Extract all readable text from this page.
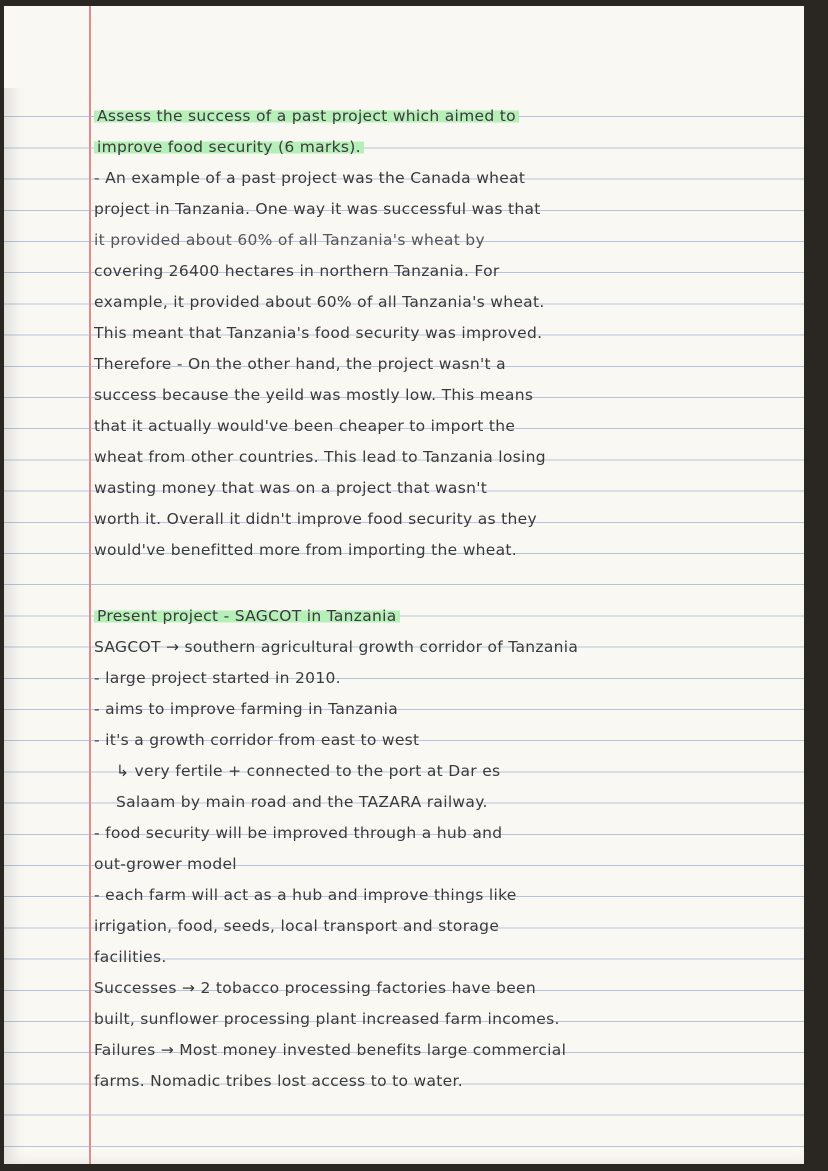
Assess the success of a past project which aimed to
improve food security (6 marks).
- An example of a past project was the Canada wheat
project in Tanzania. One way it was successful was that
it provided about 60% of all Tanzania's wheat by
covering 26400 hectares in northern Tanzania. For
example, it provided about 60% of all Tanzania's wheat.
This meant that Tanzania's food security was improved.
Therefore - On the other hand, the project wasn't a
success because the yeild was mostly low. This means
that it actually would've been cheaper to import the
wheat from other countries. This lead to Tanzania losing
wasting money that was on a project that wasn't
worth it. Overall it didn't improve food security as they
would've benefitted more from importing the wheat.
Present project - SAGCOT in Tanzania
SAGCOT → southern agricultural growth corridor of Tanzania
- large project started in 2010.
- aims to improve farming in Tanzania
- it's a growth corridor from east to west
↳ very fertile + connected to the port at Dar es
Salaam by main road and the TAZARA railway.
- food security will be improved through a hub and
out-grower model
- each farm will act as a hub and improve things like
irrigation, food, seeds, local transport and storage
facilities.
Successes → 2 tobacco processing factories have been
built, sunflower processing plant increased farm incomes.
Failures → Most money invested benefits large commercial
farms. Nomadic tribes lost access to to water.
